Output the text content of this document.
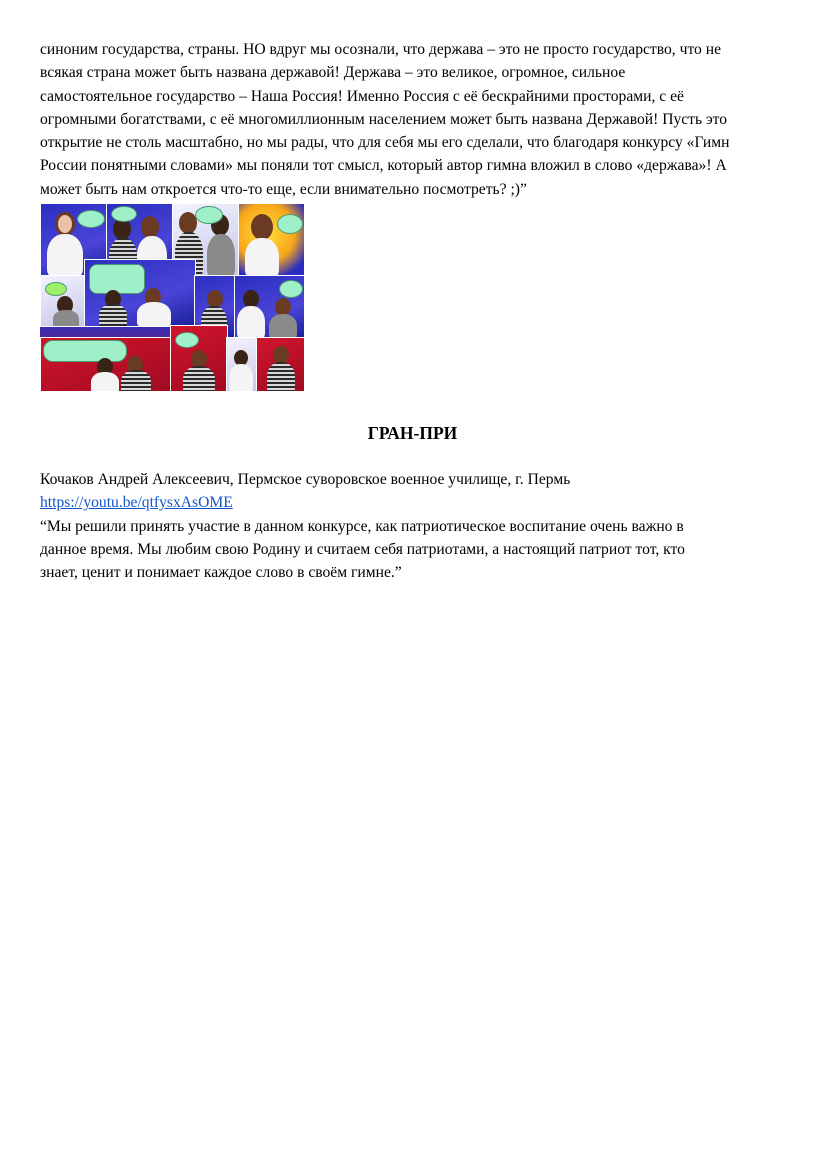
синоним государства, страны. НО вдруг мы осознали, что держава – это не просто государство, что не
всякая страна может быть названа державой! Держава – это великое, огромное, сильное
самостоятельное государство – Наша Россия! Именно Россия с её бескрайними просторами, с её
огромными богатствами, с её многомиллионным населением может быть названа Державой! Пусть это
открытие не столь масштабно, но мы рады, что для себя мы его сделали, что благодаря конкурсу «Гимн
России понятными словами» мы поняли тот смысл, который автор гимна вложил в слово «держава»! А
может быть нам откроется что-то еще, если внимательно посмотреть? ;)”

ГРАН-ПРИ
Кочаков Андрей Алексеевич, Пермское суворовское военное училище, г. Пермь
https://youtu.be/qtfysxAsOME
“Мы решили принять участие в данном конкурсе, как патриотическое воспитание очень важно в
данное время. Мы любим свою Родину и считаем себя патриотами, а настоящий патриот тот, кто
знает, ценит и понимает каждое слово в своём гимне.”
